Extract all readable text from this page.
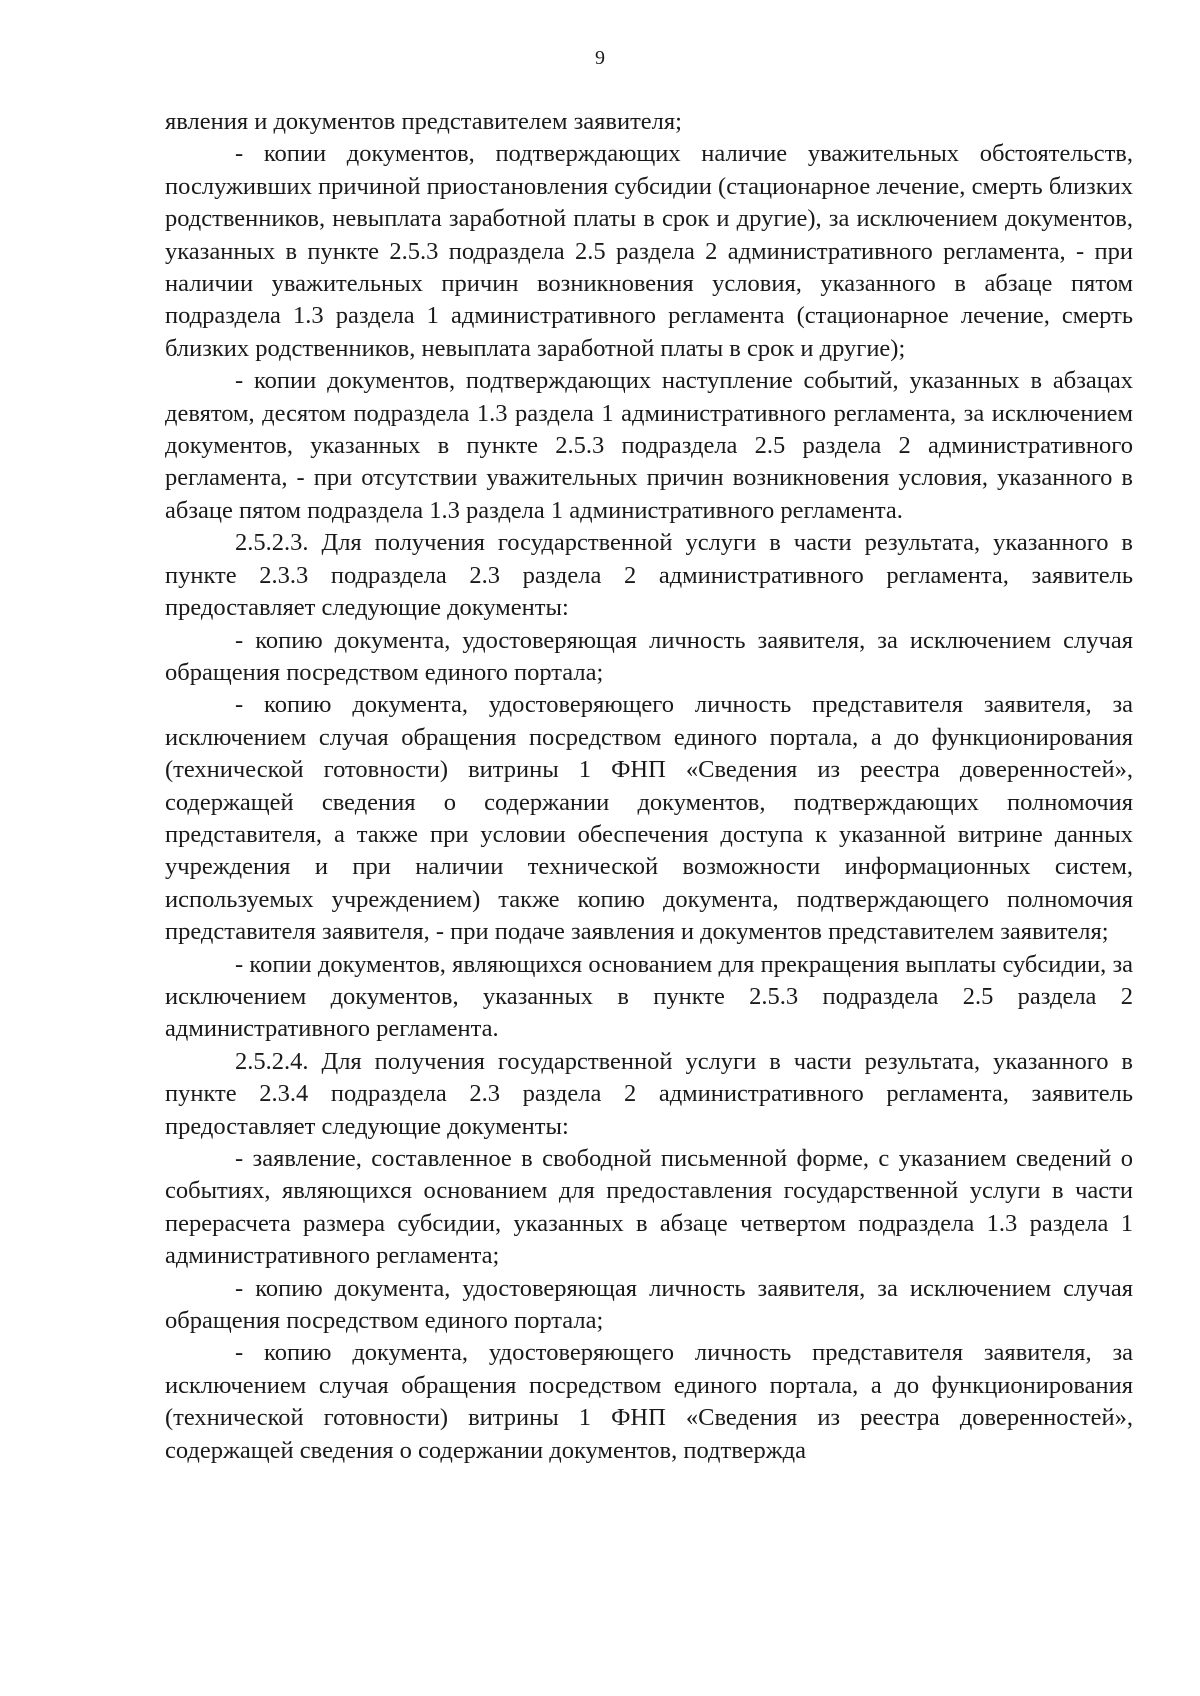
9

явления и документов представителем заявителя;

- копии документов, подтверждающих наличие уважительных обстоятельств, послуживших причиной приостановления субсидии (стационарное лечение, смерть близких родственников, невыплата заработной платы в срок и другие), за исключением документов, указанных в пункте 2.5.3 подраздела 2.5 раздела 2 административного регламента, - при наличии уважительных причин возникновения условия, указанного в абзаце пятом подраздела 1.3 раздела 1 административного регламента (стационарное лечение, смерть близких родственников, невыплата заработной платы в срок и другие);

- копии документов, подтверждающих наступление событий, указанных в абзацах девятом, десятом подраздела 1.3 раздела 1 административного регламента, за исключением документов, указанных в пункте 2.5.3 подраздела 2.5 раздела 2 административного регламента, - при отсутствии уважительных причин возникновения условия, указанного в абзаце пятом подраздела 1.3 раздела 1 административного регламента.

2.5.2.3. Для получения государственной услуги в части результата, указанного в пункте 2.3.3 подраздела 2.3 раздела 2 административного регламента, заявитель предоставляет следующие документы:

- копию документа, удостоверяющая личность заявителя, за исключением случая обращения посредством единого портала;

- копию документа, удостоверяющего личность представителя заявителя, за исключением случая обращения посредством единого портала, а до функционирования (технической готовности) витрины 1 ФНП «Сведения из реестра доверенностей», содержащей сведения о содержании документов, подтверждающих полномочия представителя, а также при условии обеспечения доступа к указанной витрине данных учреждения и при наличии технической возможности информационных систем, используемых учреждением) также копию документа, подтверждающего полномочия представителя заявителя, - при подаче заявления и документов представителем заявителя;

- копии документов, являющихся основанием для прекращения выплаты субсидии, за исключением документов, указанных в пункте 2.5.3 подраздела 2.5 раздела 2 административного регламента.

2.5.2.4. Для получения государственной услуги в части результата, указанного в пункте 2.3.4 подраздела 2.3 раздела 2 административного регламента, заявитель предоставляет следующие документы:

- заявление, составленное в свободной письменной форме, с указанием сведений о событиях, являющихся основанием для предоставления государственной услуги в части перерасчета размера субсидии, указанных в абзаце четвертом подраздела 1.3 раздела 1 административного регламента;

- копию документа, удостоверяющая личность заявителя, за исключением случая обращения посредством единого портала;

- копию документа, удостоверяющего личность представителя заявителя, за исключением случая обращения посредством единого портала, а до функционирования (технической готовности) витрины 1 ФНП «Сведения из реестра доверенностей», содержащей сведения о содержании документов, подтвержда
